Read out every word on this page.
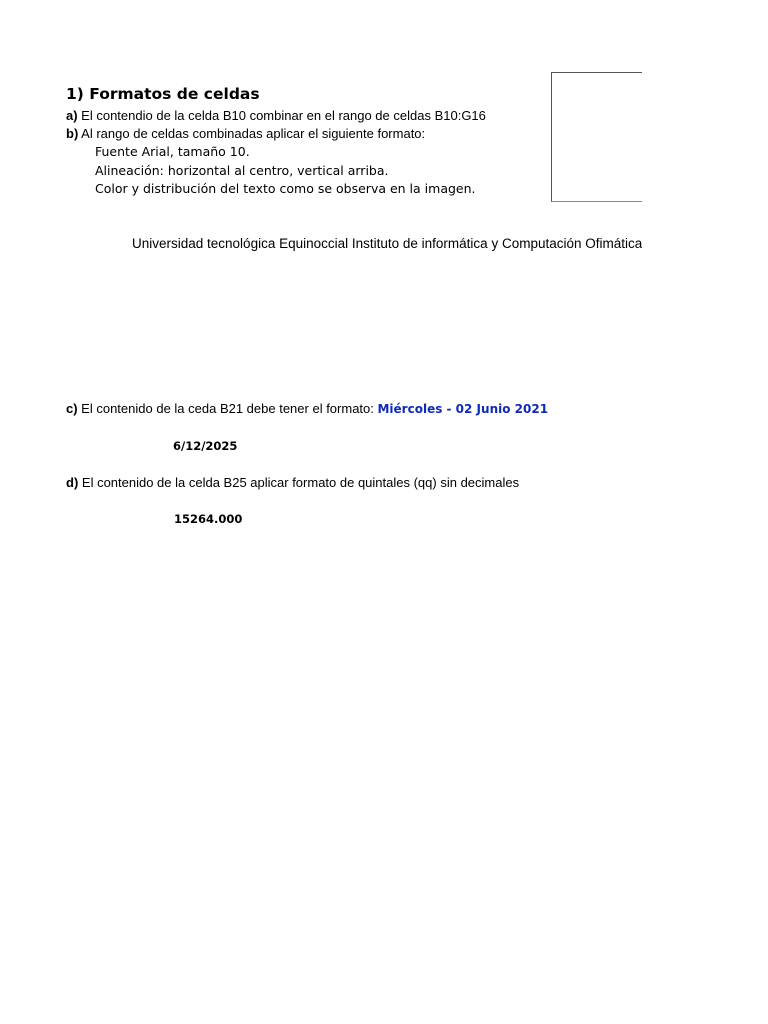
1) Formatos de celdas
a) El contendio de la celda B10 combinar en el rango de celdas B10:G16
b) Al rango de celdas combinadas aplicar el siguiente formato:
Fuente Arial, tamaño 10.
Alineación: horizontal al centro, vertical arriba.
Color y distribución del texto como se observa en la imagen.
Universidad tecnológica Equinoccial Instituto de informática y Computación Ofimática
c) El contenido de la ceda B21 debe tener el formato: Miércoles - 02 Junio 2021
6/12/2025
d) El contenido de la celda B25 aplicar formato de quintales (qq) sin decimales
15264.000
